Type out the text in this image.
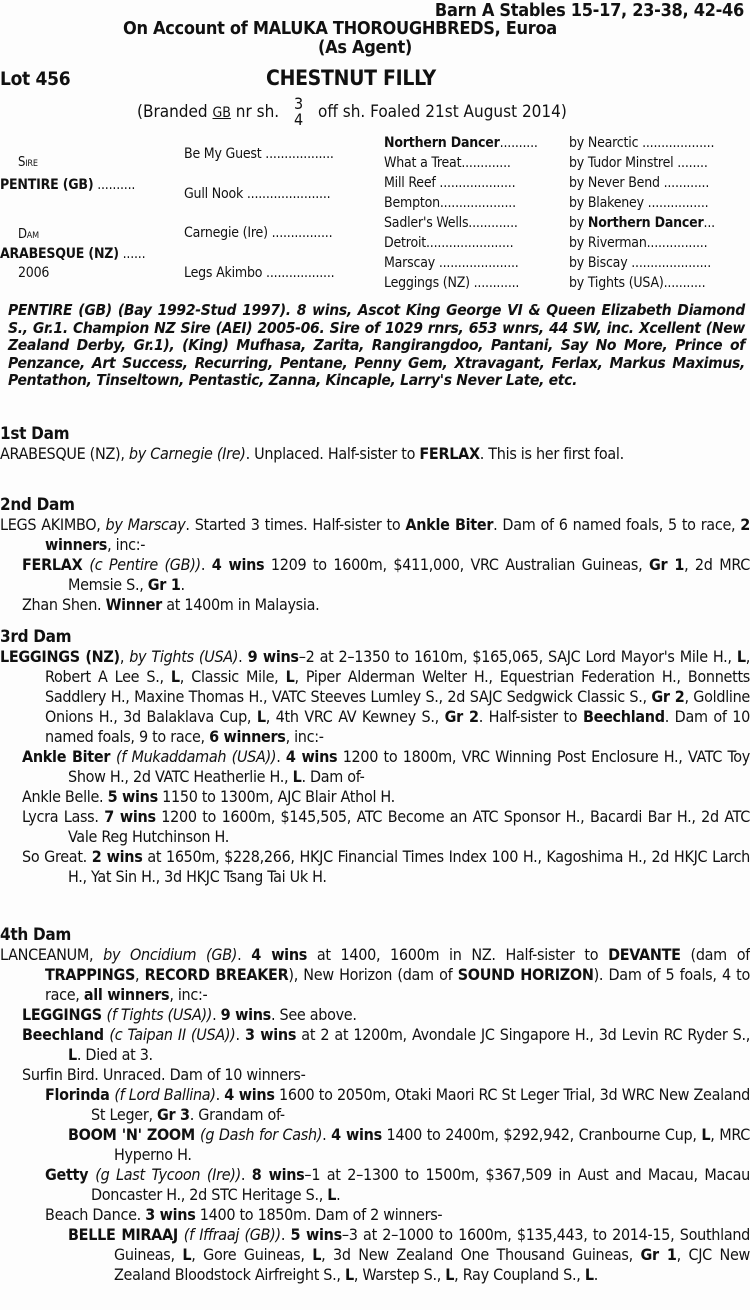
Barn A Stables 15-17, 23-38, 42-46
On Account of MALUKA THOROUGHBREDS, Euroa
(As Agent)
Lot 456	CHESTNUT FILLY
(Branded GB nr sh. 3
4 off sh. Foaled 21st August 2014)
Sire
PENTIRE (GB) ..........
Dam
ARABESQUE (NZ) ......
2006
Be My Guest ..................
Gull Nook ......................
Carnegie (Ire) ................
Legs Akimbo ..................
Northern Dancer.......... by Nearctic ...................
What a Treat.............	by Tudor Minstrel ........
Mill Reef ....................	by Never Bend ............
Bempton....................	by Blakeney ................
Sadler's Wells.............	by Northern Dancer...
Detroit.......................	by Riverman................
Marscay .....................	by Biscay .....................
Leggings (NZ) ............	by Tights (USA)...........
PENTIRE (GB) (Bay 1992-Stud 1997). 8 wins, Ascot King George VI & Queen Elizabeth Diamond S., Gr.1. Champion NZ Sire (AEI) 2005-06. Sire of 1029 rnrs, 653 wnrs, 44 SW, inc. Xcellent (New Zealand Derby, Gr.1), (King) Mufhasa, Zarita, Rangirangdoo, Pantani, Say No More, Prince of Penzance, Art Success, Recurring, Pentane, Penny Gem, Xtravagant, Ferlax, Markus Maximus, Pentathon, Tinseltown, Pentastic, Zanna, Kincaple, Larry's Never Late, etc.
1st Dam
ARABESQUE (NZ), by Carnegie (Ire). Unplaced. Half-sister to FERLAX. This is her first foal.
2nd Dam
LEGS AKIMBO, by Marscay. Started 3 times. Half-sister to Ankle Biter. Dam of 6 named foals, 5 to race, 2 winners, inc:-
FERLAX (c Pentire (GB)). 4 wins 1209 to 1600m, $411,000, VRC Australian Guineas, Gr 1, 2d MRC Memsie S., Gr 1.
Zhan Shen. Winner at 1400m in Malaysia.
3rd Dam
LEGGINGS (NZ), by Tights (USA). 9 wins–2 at 2–1350 to 1610m, $165,065, SAJC Lord Mayor's Mile H., L, Robert A Lee S., L, Classic Mile, L, Piper Alderman Welter H., Equestrian Federation H., Bonnetts Saddlery H., Maxine Thomas H., VATC Steeves Lumley S., 2d SAJC Sedgwick Classic S., Gr 2, Goldline Onions H., 3d Balaklava Cup, L, 4th VRC AV Kewney S., Gr 2. Half-sister to Beechland. Dam of 10 named foals, 9 to race, 6 winners, inc:-
Ankle Biter (f Mukaddamah (USA)). 4 wins 1200 to 1800m, VRC Winning Post Enclosure H., VATC Toy Show H., 2d VATC Heatherlie H., L. Dam of-
Ankle Belle. 5 wins 1150 to 1300m, AJC Blair Athol H.
Lycra Lass. 7 wins 1200 to 1600m, $145,505, ATC Become an ATC Sponsor H., Bacardi Bar H., 2d ATC Vale Reg Hutchinson H.
So Great. 2 wins at 1650m, $228,266, HKJC Financial Times Index 100 H., Kagoshima H., 2d HKJC Larch H., Yat Sin H., 3d HKJC Tsang Tai Uk H.
4th Dam
LANCEANUM, by Oncidium (GB). 4 wins at 1400, 1600m in NZ. Half-sister to DEVANTE (dam of TRAPPINGS, RECORD BREAKER), New Horizon (dam of SOUND HORIZON). Dam of 5 foals, 4 to race, all winners, inc:-
LEGGINGS (f Tights (USA)). 9 wins. See above.
Beechland (c Taipan II (USA)). 3 wins at 2 at 1200m, Avondale JC Singapore H., 3d Levin RC Ryder S., L. Died at 3.
Surfin Bird. Unraced. Dam of 10 winners-
Florinda (f Lord Ballina). 4 wins 1600 to 2050m, Otaki Maori RC St Leger Trial, 3d WRC New Zealand St Leger, Gr 3. Grandam of-
BOOM 'N' ZOOM (g Dash for Cash). 4 wins 1400 to 2400m, $292,942, Cranbourne Cup, L, MRC Hyperno H.
Getty (g Last Tycoon (Ire)). 8 wins–1 at 2–1300 to 1500m, $367,509 in Aust and Macau, Macau Doncaster H., 2d STC Heritage S., L.
Beach Dance. 3 wins 1400 to 1850m. Dam of 2 winners-
BELLE MIRAAJ (f Iffraaj (GB)). 5 wins–3 at 2–1000 to 1600m, $135,443, to 2014-15, Southland Guineas, L, Gore Guineas, L, 3d New Zealand One Thousand Guineas, Gr 1, CJC New Zealand Bloodstock Airfreight S., L, Warstep S., L, Ray Coupland S., L.
